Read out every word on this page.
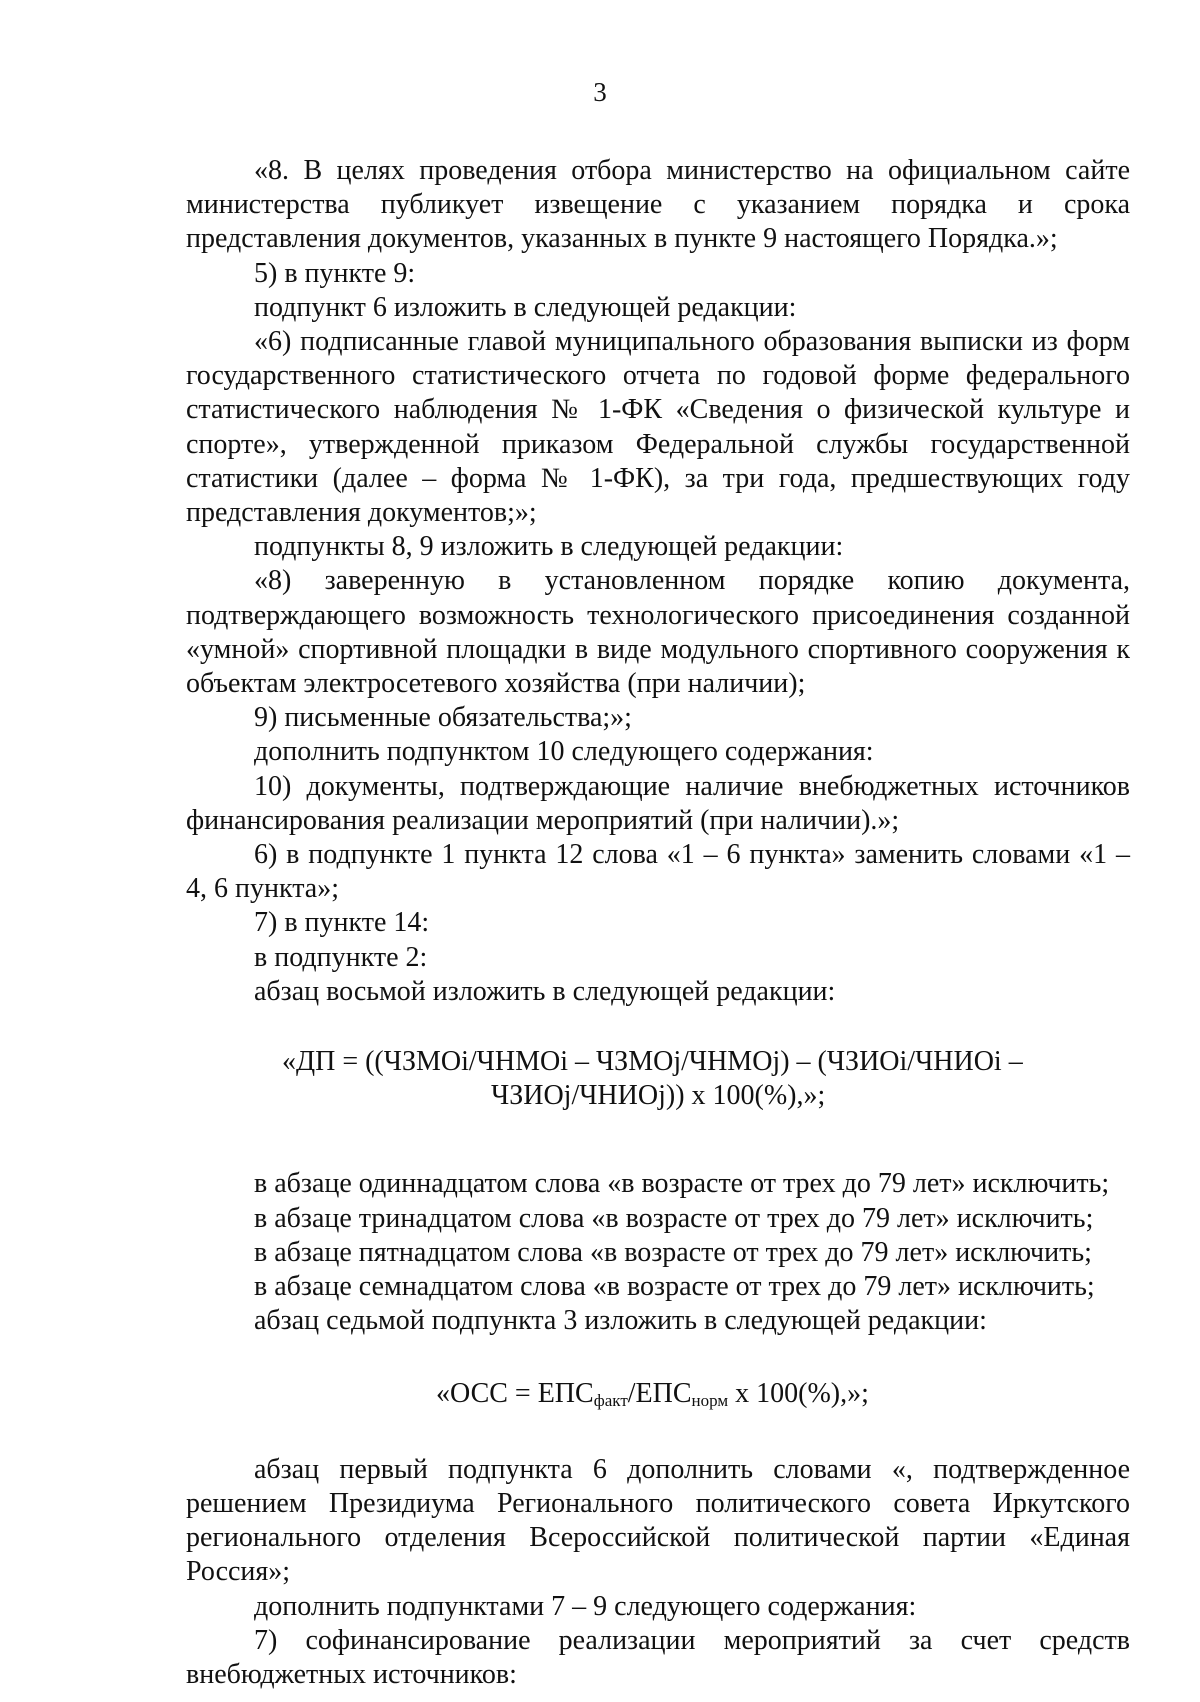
3

«8. В целях проведения отбора министерство на официальном сайте министерства публикует извещение с указанием порядка и срока представления документов, указанных в пункте 9 настоящего Порядка.»;

5) в пункте 9:

подпункт 6 изложить в следующей редакции:

«6) подписанные главой муниципального образования выписки из форм государственного статистического отчета по годовой форме федерального статистического наблюдения № 1-ФК «Сведения о физической культуре и спорте», утвержденной приказом Федеральной службы государственной статистики (далее – форма № 1-ФК), за три года, предшествующих году представления документов;»;

подпункты 8, 9 изложить в следующей редакции:

«8) заверенную в установленном порядке копию документа, подтверждающего возможность технологического присоединения созданной «умной» спортивной площадки в виде модульного спортивного сооружения к объектам электросетевого хозяйства (при наличии);

9) письменные обязательства;»;

дополнить подпунктом 10 следующего содержания:

10) документы, подтверждающие наличие внебюджетных источников финансирования реализации мероприятий (при наличии).»;

6) в подпункте 1 пункта 12 слова «1 – 6 пункта» заменить словами «1 – 4, 6 пункта»;

7) в пункте 14:

в подпункте 2:

абзац восьмой изложить в следующей редакции:

«ДП = ((ЧЗМОi/ЧНМОi – ЧЗМОj/ЧНМОj) – (ЧЗИОi/ЧНИОi –
ЧЗИОj/ЧНИОj)) x 100(%),»;

в абзаце одиннадцатом слова «в возрасте от трех до 79 лет» исключить;

в абзаце тринадцатом слова «в возрасте от трех до 79 лет» исключить;

в абзаце пятнадцатом слова «в возрасте от трех до 79 лет» исключить;

в абзаце семнадцатом слова «в возрасте от трех до 79 лет» исключить;

абзац седьмой подпункта 3 изложить в следующей редакции:

«ОСС = $ЕПС_{факт}/ЕПС_{норм}$ x 100(%),»;

абзац первый подпункта 6 дополнить словами «, подтвержденное решением Президиума Регионального политического совета Иркутского регионального отделения Всероссийской политической партии «Единая Россия»;

дополнить подпунктами 7 – 9 следующего содержания:

7) софинансирование реализации мероприятий за счет средств внебюджетных источников:
